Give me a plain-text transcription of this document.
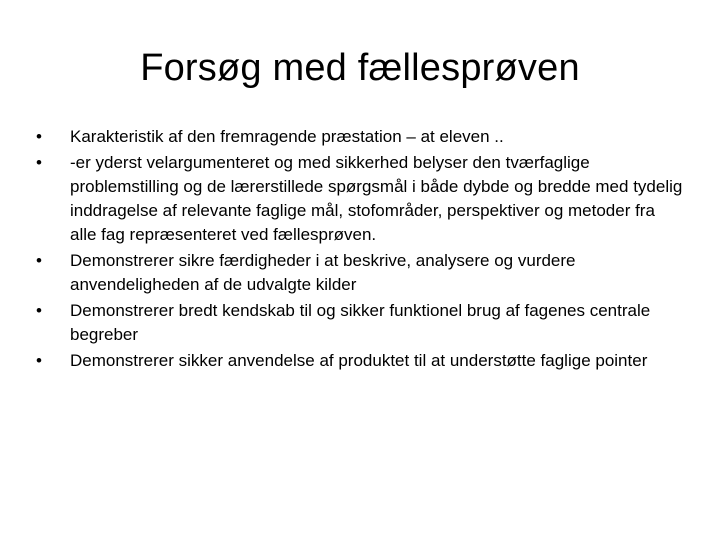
Forsøg med fællesprøven
•	Karakteristik af den fremragende præstation – at eleven ..
•	-er yderst velargumenteret og med sikkerhed belyser den tværfaglige problemstilling og de lærerstillede spørgsmål i både dybde og bredde med tydelig inddragelse af relevante faglige mål, stofområder, perspektiver og metoder fra alle fag repræsenteret ved fællesprøven.
•	Demonstrerer sikre færdigheder i at beskrive, analysere og vurdere anvendeligheden af de udvalgte kilder
•	Demonstrerer bredt kendskab til og sikker funktionel brug af fagenes centrale begreber
•	Demonstrerer sikker anvendelse af produktet til at understøtte faglige pointer
